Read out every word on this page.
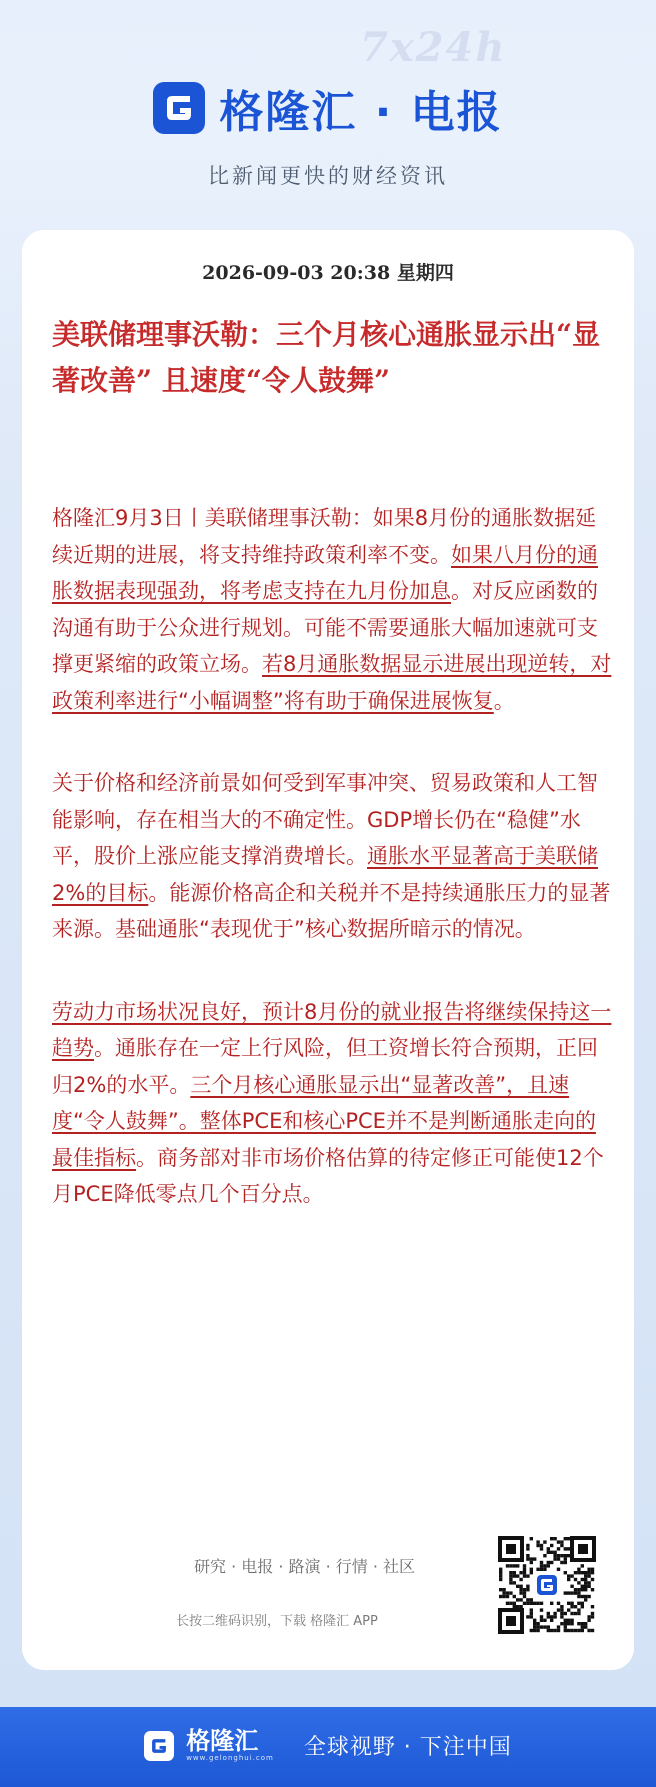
7x24h
格隆汇 · 电报
比新闻更快的财经资讯
2026-09-03 20:38 星期四
美联储理事沃勒：三个月核心通胀显示出“显著改善” 且速度“令人鼓舞”

格隆汇9月3日丨美联储理事沃勒：如果8月份的通胀数据延续近期的进展，将支持维持政策利率不变。如果八月份的通胀数据表现强劲，将考虑支持在九月份加息。对反应函数的沟通有助于公众进行规划。可能不需要通胀大幅加速就可支撑更紧缩的政策立场。若8月通胀数据显示进展出现逆转，对政策利率进行“小幅调整”将有助于确保进展恢复。

关于价格和经济前景如何受到军事冲突、贸易政策和人工智能影响，存在相当大的不确定性。GDP增长仍在“稳健”水平，股价上涨应能支撑消费增长。通胀水平显著高于美联储2%的目标。能源价格高企和关税并不是持续通胀压力的显著来源。基础通胀“表现优于”核心数据所暗示的情况。

劳动力市场状况良好，预计8月份的就业报告将继续保持这一趋势。通胀存在一定上行风险，但工资增长符合预期，正回归2%的水平。三个月核心通胀显示出“显著改善”，且速度“令人鼓舞”。整体PCE和核心PCE并不是判断通胀走向的最佳指标。商务部对非市场价格估算的待定修正可能使12个月PCE降低零点几个百分点。

研究 · 电报 · 路演 · 行情 · 社区
长按二维码识别，下载 格隆汇 APP
格隆汇
www.gelonghui.com 全球视野 · 下注中国
